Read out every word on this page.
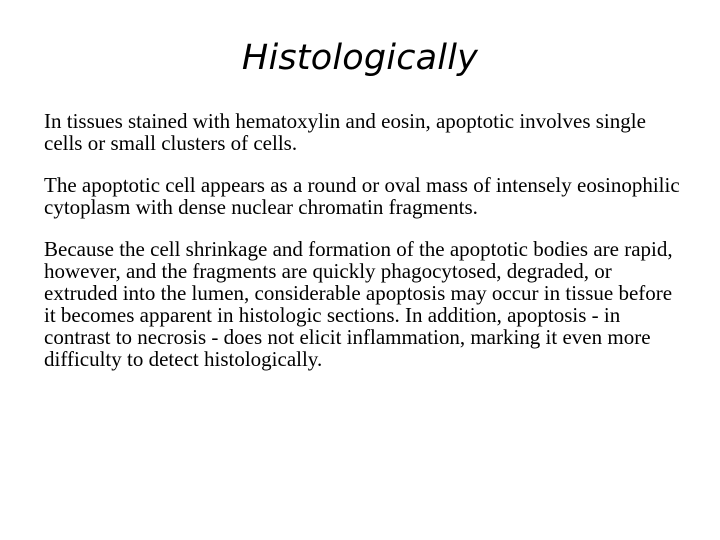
Histologically

In tissues stained with hematoxylin and eosin, apoptotic involves single cells or small clusters of cells.

The apoptotic cell appears as a round or oval mass of intensely eosinophilic cytoplasm with dense nuclear chromatin fragments.

Because the cell shrinkage and formation of the apoptotic bodies are rapid, however, and the fragments are quickly phagocytosed, degraded, or extruded into the lumen, considerable apoptosis may occur in tissue before it becomes apparent in histologic sections. In addition, apoptosis - in contrast to necrosis - does not elicit inflammation, marking it even more difficulty to detect histologically.
